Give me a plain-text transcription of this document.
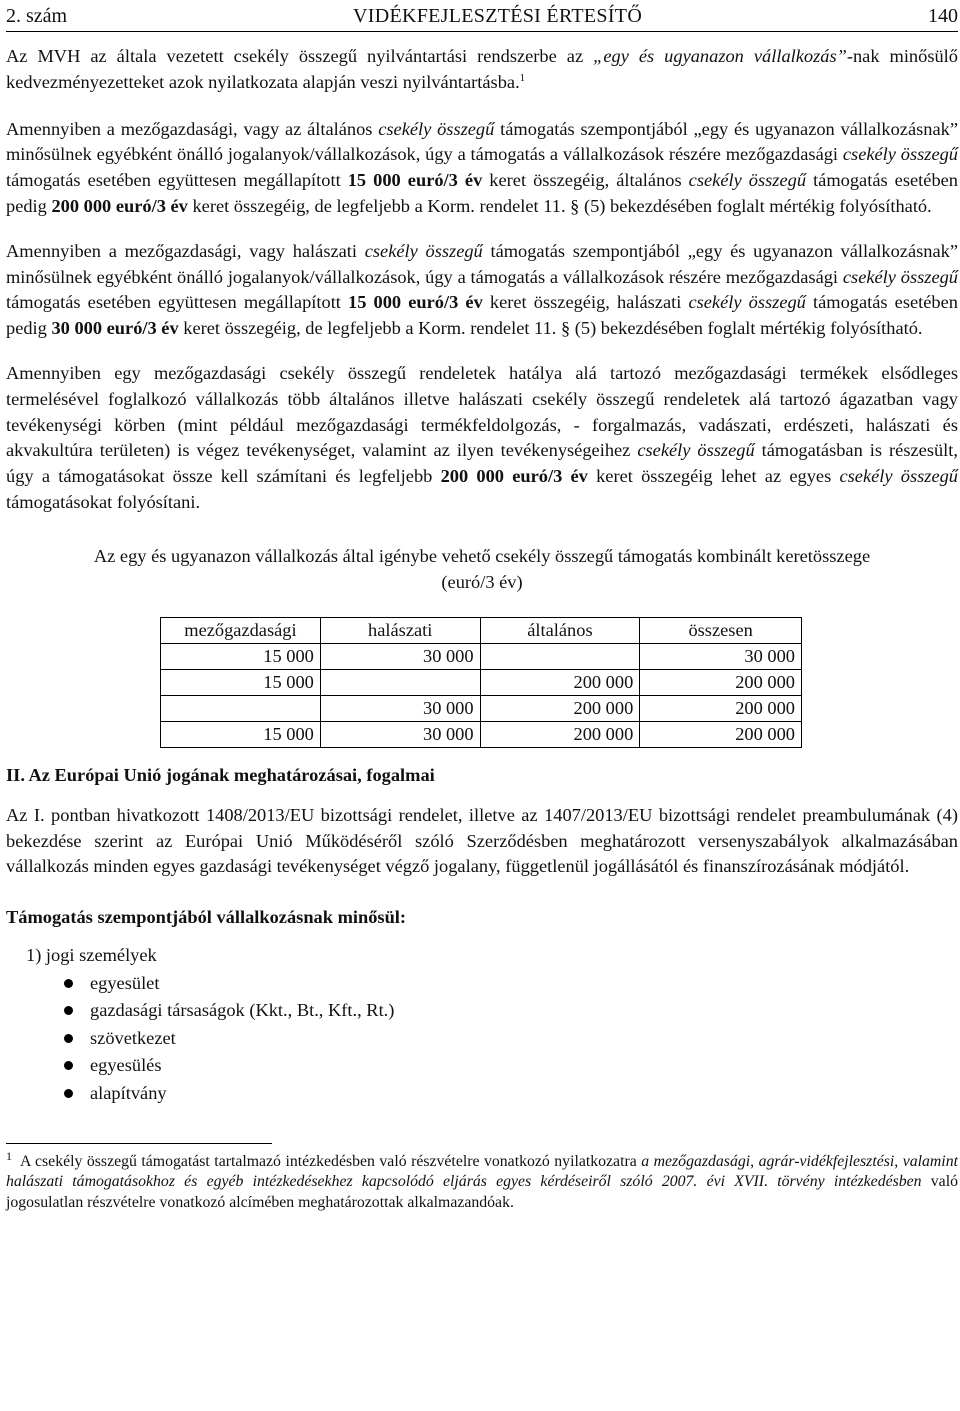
2. szám	VIDÉKFEJLESZTÉSI ÉRTESÍTŐ	140

Az MVH az általa vezetett csekély összegű nyilvántartási rendszerbe az „egy és ugyanazon vállalkozás”-nak minősülő kedvezményezetteket azok nyilatkozata alapján veszi nyilvántartásba.$^1$

Amennyiben a mezőgazdasági, vagy az általános csekély összegű támogatás szempontjából „egy és ugyanazon vállalkozásnak” minősülnek egyébként önálló jogalanyok/vállalkozások, úgy a támogatás a vállalkozások részére mezőgazdasági csekély összegű támogatás esetében együttesen megállapított 15 000 euró/3 év keret összegéig, általános csekély összegű támogatás esetében pedig 200 000 euró/3 év keret összegéig, de legfeljebb a Korm. rendelet 11. § (5) bekezdésében foglalt mértékig folyósítható.

Amennyiben a mezőgazdasági, vagy halászati csekély összegű támogatás szempontjából „egy és ugyanazon vállalkozásnak” minősülnek egyébként önálló jogalanyok/vállalkozások, úgy a támogatás a vállalkozások részére mezőgazdasági csekély összegű támogatás esetében együttesen megállapított 15 000 euró/3 év keret összegéig, halászati csekély összegű támogatás esetében pedig 30 000 euró/3 év keret összegéig, de legfeljebb a Korm. rendelet 11. § (5) bekezdésében foglalt mértékig folyósítható.

Amennyiben egy mezőgazdasági csekély összegű rendeletek hatálya alá tartozó mezőgazdasági termékek elsődleges termelésével foglalkozó vállalkozás több általános illetve halászati csekély összegű rendeletek alá tartozó ágazatban vagy tevékenységi körben (mint például mezőgazdasági termékfeldolgozás, - forgalmazás, vadászati, erdészeti, halászati és akvakultúra területen) is végez tevékenységet, valamint az ilyen tevékenységeihez csekély összegű támogatásban is részesült, úgy a támogatásokat össze kell számítani és legfeljebb 200 000 euró/3 év keret összegéig lehet az egyes csekély összegű támogatásokat folyósítani.

Az egy és ugyanazon vállalkozás által igénybe vehető csekély összegű támogatás kombinált keretösszege
(euró/3 év)
mezőgazdasági	halászati	általános	összesen
15 000	30 000		30 000
15 000		200 000	200 000
	30 000	200 000	200 000
15 000	30 000	200 000	200 000
II. Az Európai Unió jogának meghatározásai, fogalmai

Az I. pontban hivatkozott 1408/2013/EU bizottsági rendelet, illetve az 1407/2013/EU bizottsági rendelet preambulumának (4) bekezdése szerint az Európai Unió Működéséről szóló Szerződésben meghatározott versenyszabályok alkalmazásában vállalkozás minden egyes gazdasági tevékenységet végző jogalany, függetlenül jogállásától és finanszírozásának módjától.

Támogatás szempontjából vállalkozásnak minősül:
1) jogi személyek
egyesület
gazdasági társaságok (Kkt., Bt., Kft., Rt.)
szövetkezet
egyesülés
alapítvány

$^1$ A csekély összegű támogatást tartalmazó intézkedésben való részvételre vonatkozó nyilatkozatra a mezőgazdasági, agrár-vidékfejlesztési, valamint halászati támogatásokhoz és egyéb intézkedésekhez kapcsolódó eljárás egyes kérdéseiről szóló 2007. évi XVII. törvény intézkedésben való jogosulatlan részvételre vonatkozó alcímében meghatározottak alkalmazandóak.
